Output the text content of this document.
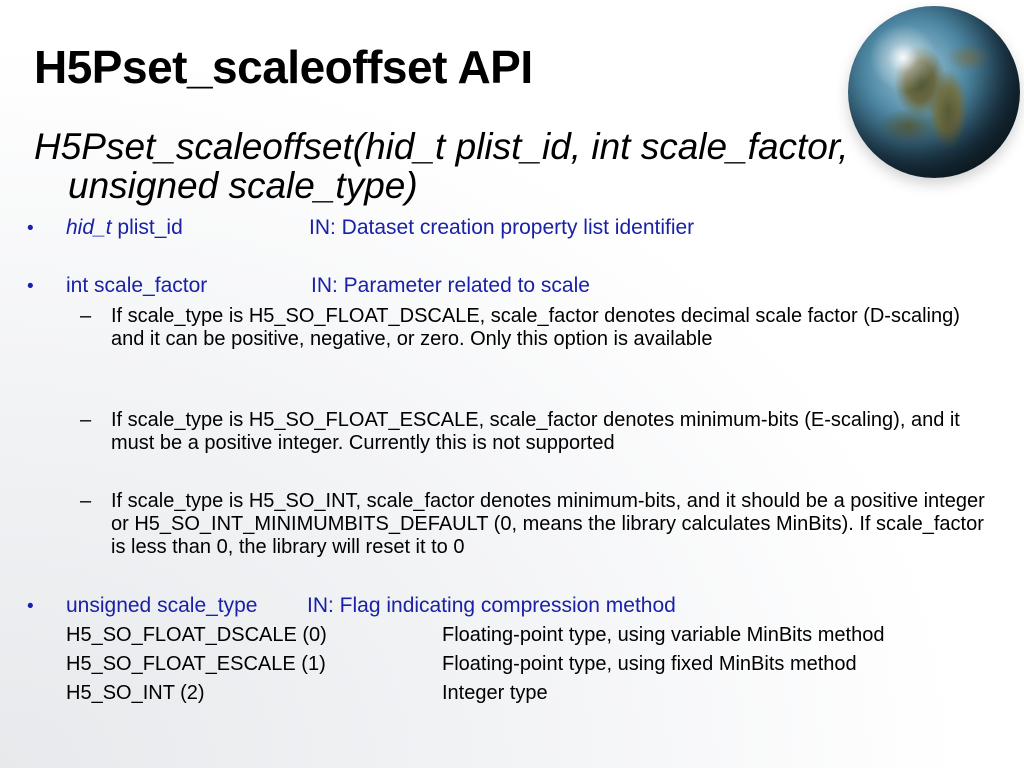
H5Pset_scaleoffset API

H5Pset_scaleoffset(hid_t plist_id, int scale_factor, unsigned scale_type)

• hid_t plist_id	IN: Dataset creation property list identifier
• int scale_factor	IN: Parameter related to scale
– If scale_type is H5_SO_FLOAT_DSCALE, scale_factor denotes decimal scale factor (D-scaling) and it can be positive, negative, or zero. Only this option is available

– If scale_type is H5_SO_FLOAT_ESCALE, scale_factor denotes minimum-bits (E-scaling), and it must be a positive integer. Currently this is not supported

– If scale_type is H5_SO_INT, scale_factor denotes minimum-bits, and it should be a positive integer or H5_SO_INT_MINIMUMBITS_DEFAULT (0, means the library calculates MinBits). If scale_factor is less than 0, the library will reset it to 0

• unsigned scale_type IN: Flag indicating compression method
H5_SO_FLOAT_DSCALE (0)	Floating-point type, using variable MinBits method
H5_SO_FLOAT_ESCALE (1)	Floating-point type, using fixed MinBits method
H5_SO_INT (2)	Integer type
